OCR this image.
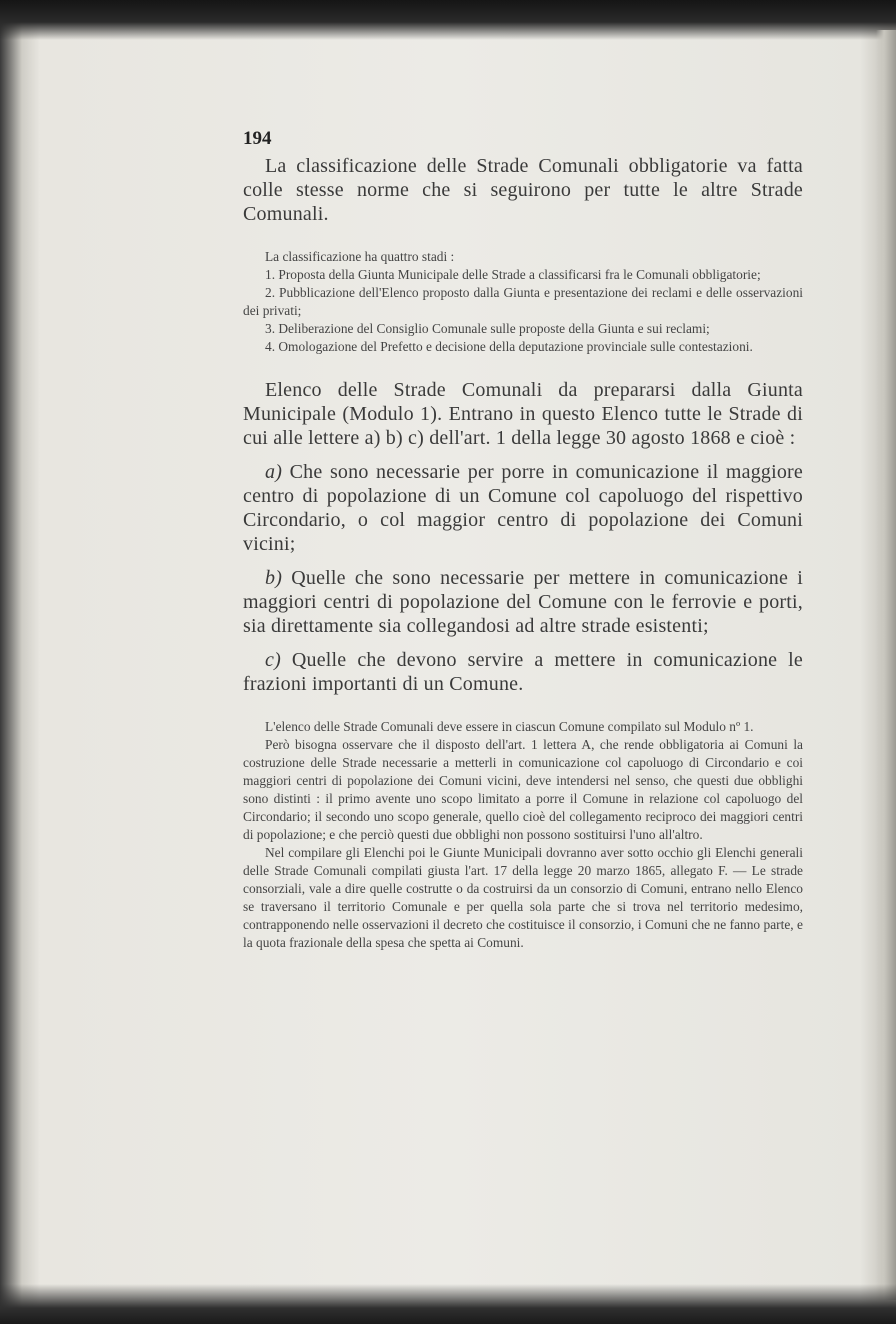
194

La classificazione delle Strade Comunali obbligatorie va fatta colle stesse norme che si seguirono per tutte le altre Strade Comunali.

La classificazione ha quattro stadi :

1. Proposta della Giunta Municipale delle Strade a classificarsi fra le Comunali obbligatorie;

2. Pubblicazione dell'Elenco proposto dalla Giunta e presentazione dei reclami e delle osservazioni dei privati;

3. Deliberazione del Consiglio Comunale sulle proposte della Giunta e sui reclami;

4. Omologazione del Prefetto e decisione della deputazione provinciale sulle contestazioni.

Elenco delle Strade Comunali da prepararsi dalla Giunta Municipale (Modulo 1). Entrano in questo Elenco tutte le Strade di cui alle lettere a) b) c) dell'art. 1 della legge 30 agosto 1868 e cioè :

a) Che sono necessarie per porre in comunicazione il maggiore centro di popolazione di un Comune col capoluogo del rispettivo Circondario, o col maggior centro di popolazione dei Comuni vicini;

b) Quelle che sono necessarie per mettere in comunicazione i maggiori centri di popolazione del Comune con le ferrovie e porti, sia direttamente sia collegandosi ad altre strade esistenti;

c) Quelle che devono servire a mettere in comunicazione le frazioni importanti di un Comune.

L'elenco delle Strade Comunali deve essere in ciascun Comune compilato sul Modulo nº 1.

Però bisogna osservare che il disposto dell'art. 1 lettera A, che rende obbligatoria ai Comuni la costruzione delle Strade necessarie a metterli in comunicazione col capoluogo di Circondario e coi maggiori centri di popolazione dei Comuni vicini, deve intendersi nel senso, che questi due obblighi sono distinti : il primo avente uno scopo limitato a porre il Comune in relazione col capoluogo del Circondario; il secondo uno scopo generale, quello cioè del collegamento reciproco dei maggiori centri di popolazione; e che perciò questi due obblighi non possono sostituirsi l'uno all'altro.

Nel compilare gli Elenchi poi le Giunte Municipali dovranno aver sotto occhio gli Elenchi generali delle Strade Comunali compilati giusta l'art. 17 della legge 20 marzo 1865, allegato F. — Le strade consorziali, vale a dire quelle costrutte o da costruirsi da un consorzio di Comuni, entrano nello Elenco se traversano il territorio Comunale e per quella sola parte che si trova nel territorio medesimo, contrapponendo nelle osservazioni il decreto che costituisce il consorzio, i Comuni che ne fanno parte, e la quota frazionale della spesa che spetta ai Comuni.
